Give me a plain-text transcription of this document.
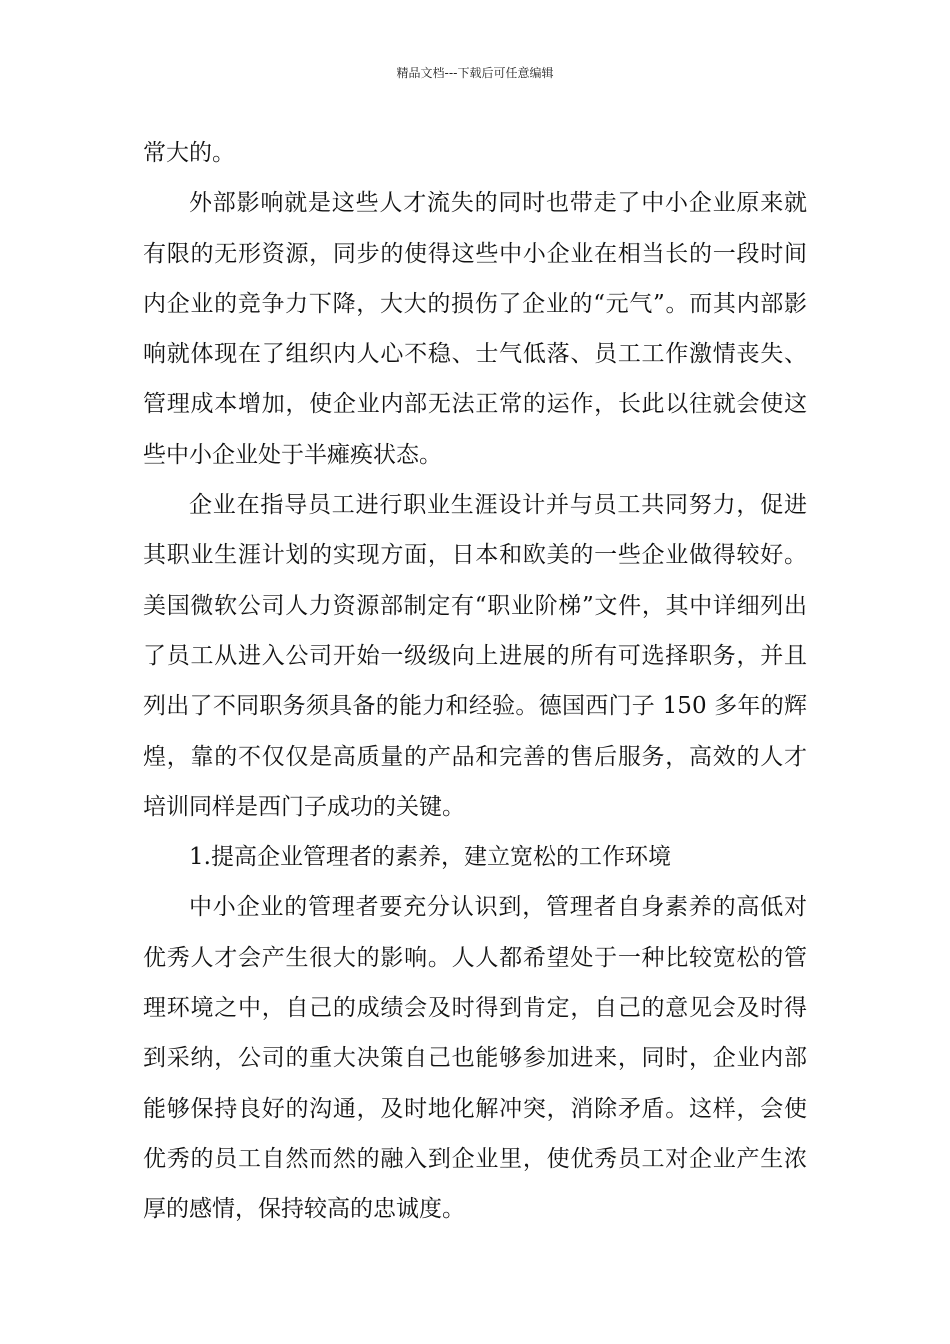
精品文档---下载后可任意编辑

常大的。

外部影响就是这些人才流失的同时也带走了中小企业原来就有限的无形资源，同步的使得这些中小企业在相当长的一段时间内企业的竞争力下降，大大的损伤了企业的“元气”。而其内部影响就体现在了组织内人心不稳、士气低落、员工工作激情丧失、管理成本增加，使企业内部无法正常的运作，长此以往就会使这些中小企业处于半瘫痪状态。

企业在指导员工进行职业生涯设计并与员工共同努力，促进其职业生涯计划的实现方面，日本和欧美的一些企业做得较好。美国微软公司人力资源部制定有“职业阶梯”文件，其中详细列出了员工从进入公司开始一级级向上进展的所有可选择职务，并且列出了不同职务须具备的能力和经验。德国西门子 150 多年的辉煌，靠的不仅仅是高质量的产品和完善的售后服务，高效的人才培训同样是西门子成功的关键。

1.提高企业管理者的素养，建立宽松的工作环境

中小企业的管理者要充分认识到，管理者自身素养的高低对优秀人才会产生很大的影响。人人都希望处于一种比较宽松的管理环境之中，自己的成绩会及时得到肯定，自己的意见会及时得到采纳，公司的重大决策自己也能够参加进来，同时，企业内部能够保持良好的沟通，及时地化解冲突，消除矛盾。这样，会使优秀的员工自然而然的融入到企业里，使优秀员工对企业产生浓厚的感情，保持较高的忠诚度。
